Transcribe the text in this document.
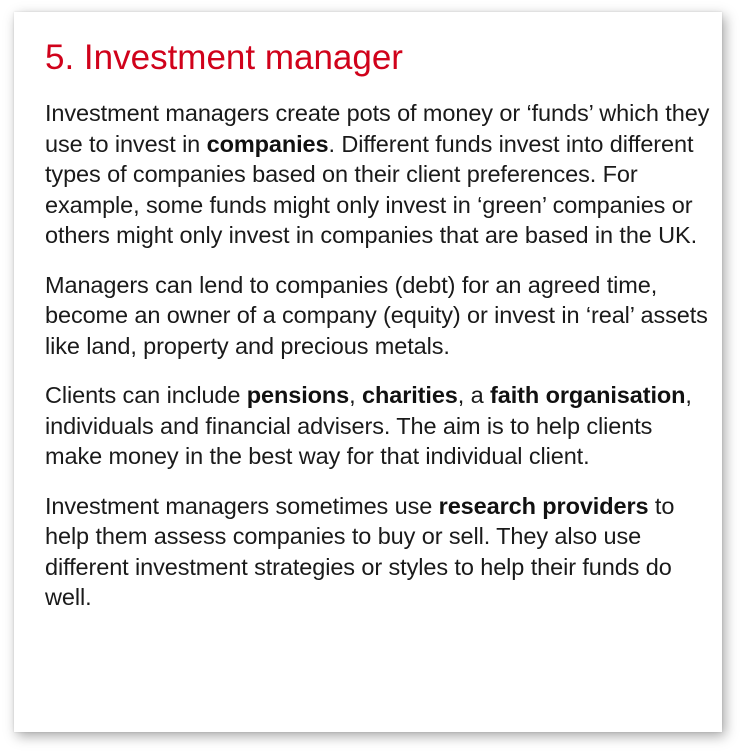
5. Investment manager

Investment managers create pots of money or ‘funds’ which they use to invest in companies. Different funds invest into different types of companies based on their client preferences. For example, some funds might only invest in ‘green’ companies or others might only invest in companies that are based in the UK.

Managers can lend to companies (debt) for an agreed time, become an owner of a company (equity) or invest in ‘real’ assets like land, property and precious metals.

Clients can include pensions, charities, a faith organisation, individuals and financial advisers. The aim is to help clients make money in the best way for that individual client.

Investment managers sometimes use research providers to help them assess companies to buy or sell. They also use different investment strategies or styles to help their funds do well.
